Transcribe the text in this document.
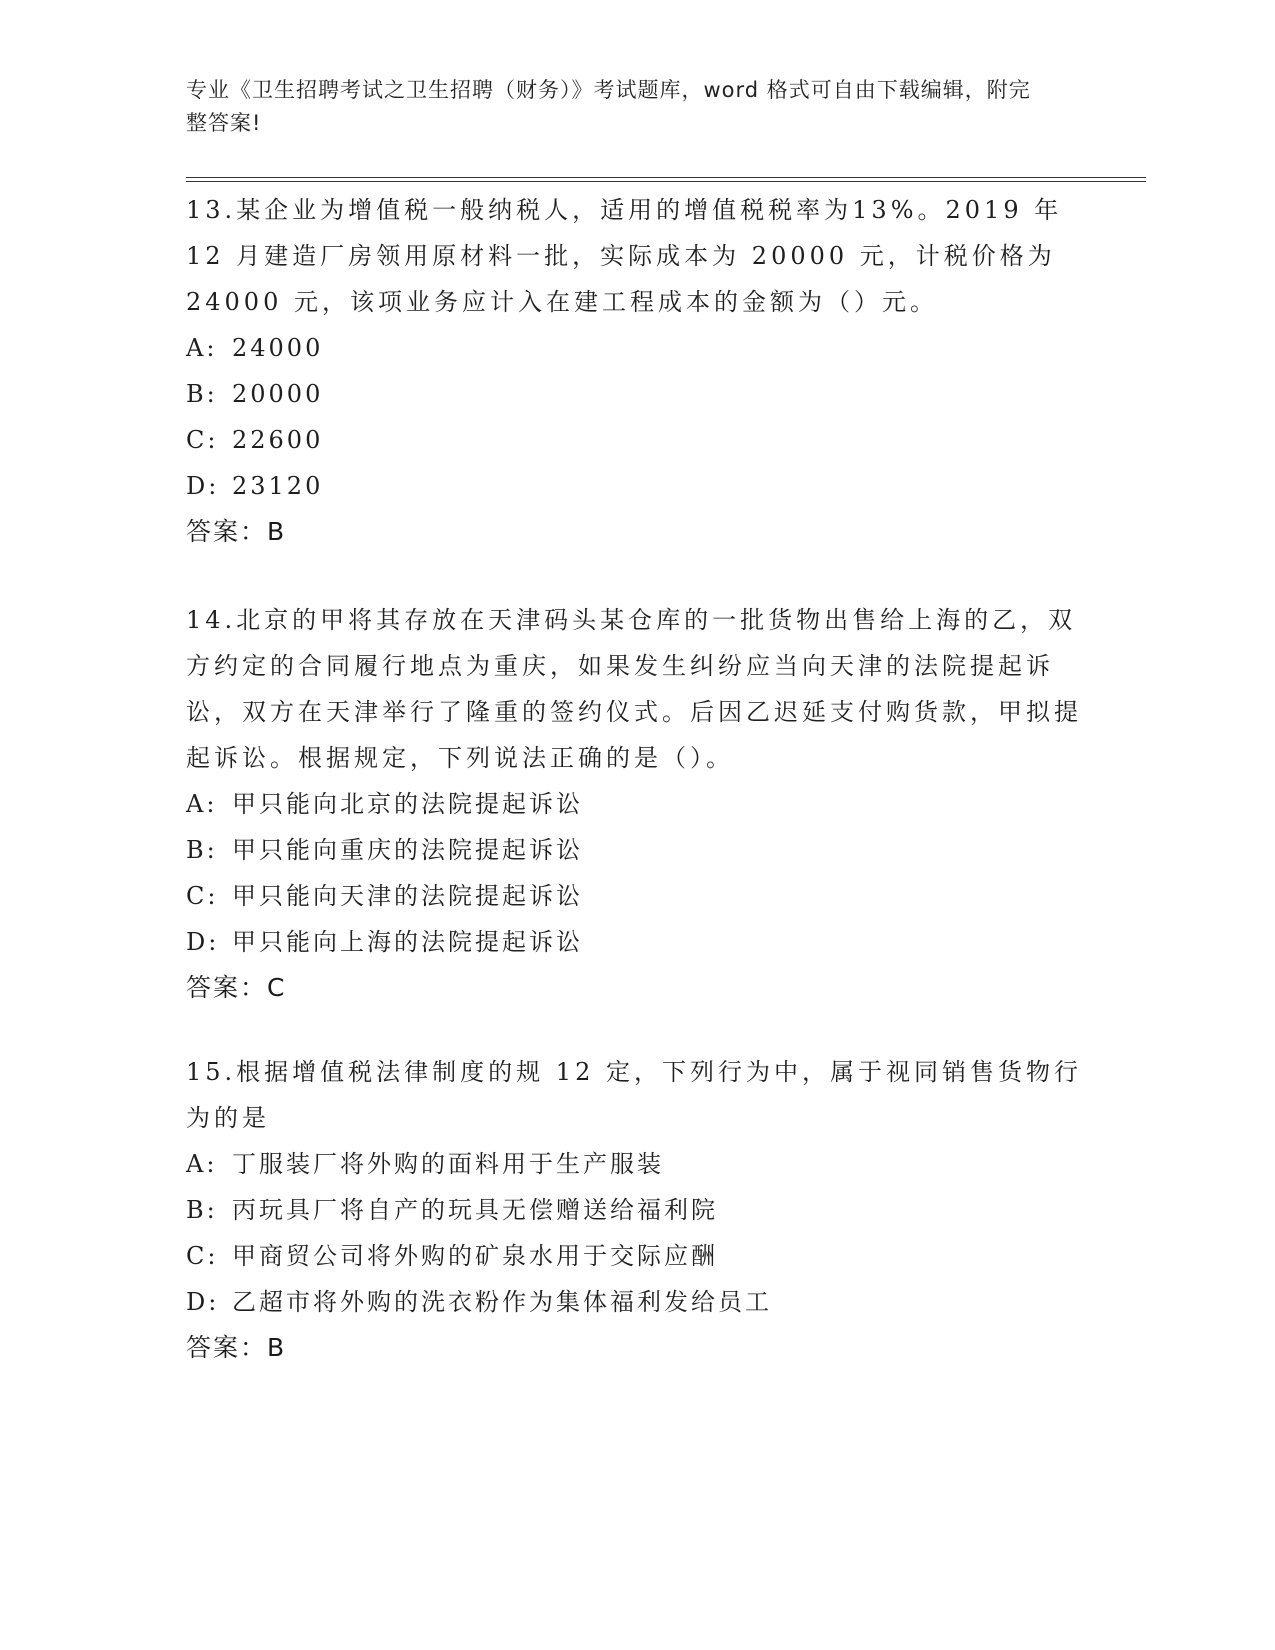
专业《卫生招聘考试之卫生招聘（财务）》考试题库，word 格式可自由下载编辑，附完整答案!

13.某企业为增值税一般纳税人，适用的增值税税率为13%。2019 年 12 月建造厂房领用原材料一批，实际成本为 20000 元，计税价格为 24000 元，该项业务应计入在建工程成本的金额为（）元。

A: 24000

B: 20000

C: 22600

D: 23120

答案：B

14.北京的甲将其存放在天津码头某仓库的一批货物出售给上海的乙，双方约定的合同履行地点为重庆，如果发生纠纷应当向天津的法院提起诉讼，双方在天津举行了隆重的签约仪式。后因乙迟延支付购货款，甲拟提起诉讼。根据规定，下列说法正确的是（）。

A: 甲只能向北京的法院提起诉讼

B: 甲只能向重庆的法院提起诉讼

C: 甲只能向天津的法院提起诉讼

D: 甲只能向上海的法院提起诉讼

答案：C

15.根据增值税法律制度的规 12 定，下列行为中，属于视同销售货物行为的是

A: 丁服装厂将外购的面料用于生产服装

B: 丙玩具厂将自产的玩具无偿赠送给福利院

C: 甲商贸公司将外购的矿泉水用于交际应酬

D: 乙超市将外购的洗衣粉作为集体福利发给员工

答案：B
